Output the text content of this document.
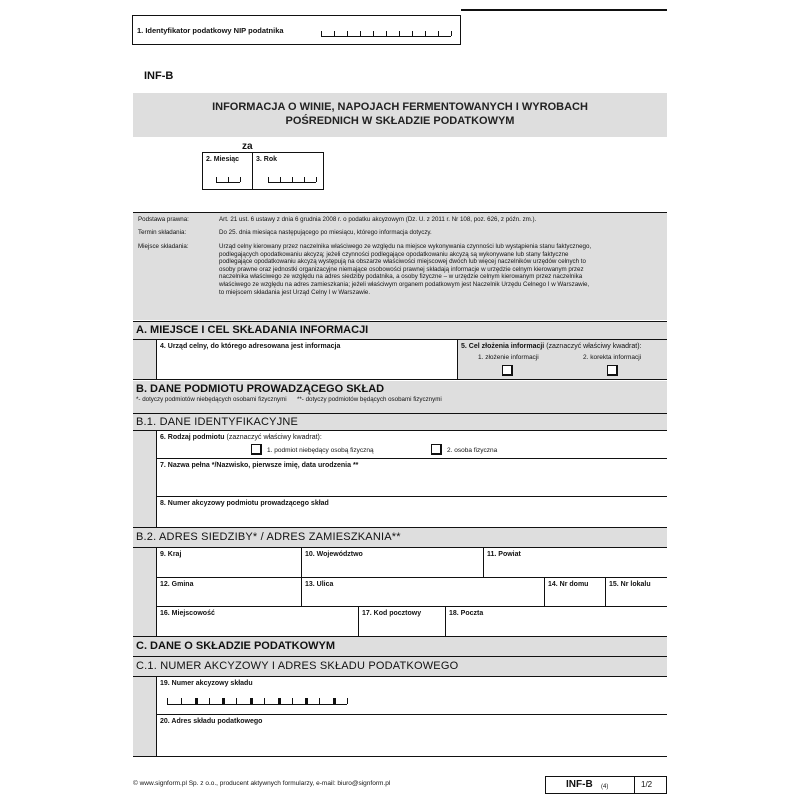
1. Identyfikator podatkowy NIP podatnika
INF-B
INFORMACJA O WINIE, NAPOJACH FERMENTOWANYCH I WYROBACH
POŚREDNICH W SKŁADZIE PODATKOWYM
za
2. Miesiąc 3. Rok
Podstawa prawna:	Art. 21 ust. 6 ustawy z dnia 6 grudnia 2008 r. o podatku akcyzowym (Dz. U. z 2011 r. Nr 108, poz. 626, z późn. zm.).
Termin składania:	Do 25. dnia miesiąca następującego po miesiącu, którego informacja dotyczy.
Miejsce składania:	Urząd celny kierowany przez naczelnika właściwego ze względu na miejsce wykonywania czynności lub wystąpienia stanu faktycznego,
podlegających opodatkowaniu akcyzą; jeżeli czynności podlegające opodatkowaniu akcyzą są wykonywane lub stany faktyczne
podlegające opodatkowaniu akcyzą występują na obszarze właściwości miejscowej dwóch lub więcej naczelników urzędów celnych to
osoby prawne oraz jednostki organizacyjne niemające osobowości prawnej składają informacje w urzędzie celnym kierowanym przez
naczelnika właściwego ze względu na adres siedziby podatnika, a osoby fizyczne – w urzędzie celnym kierowanym przez naczelnika
właściwego ze względu na adres zamieszkania; jeżeli właściwym organem podatkowym jest Naczelnik Urzędu Celnego I w Warszawie,
to miejscem składania jest Urząd Celny I w Warszawie.
A. MIEJSCE I CEL SKŁADANIA INFORMACJI
4. Urząd celny, do którego adresowana jest informacja	5. Cel złożenia informacji (zaznaczyć właściwy kwadrat):
1. złożenie informacji	2. korekta informacji
B. DANE PODMIOTU PROWADZĄCEGO SKŁAD
*- dotyczy podmiotów niebędących osobami fizycznymi **- dotyczy podmiotów będących osobami fizycznymi
B.1. DANE IDENTYFIKACYJNE
6. Rodzaj podmiotu (zaznaczyć właściwy kwadrat):
1. podmiot niebędący osobą fizyczną	2. osoba fizyczna
7. Nazwa pełna */Nazwisko, pierwsze imię, data urodzenia **
8. Numer akcyzowy podmiotu prowadzącego skład
B.2. ADRES SIEDZIBY* / ADRES ZAMIESZKANIA**
9. Kraj	10. Województwo	11. Powiat
12. Gmina	13. Ulica	14. Nr domu	15. Nr lokalu
16. Miejscowość	17. Kod pocztowy	18. Poczta
C. DANE O SKŁADZIE PODATKOWYM
C.1. NUMER AKCYZOWY I ADRES SKŁADU PODATKOWEGO
19. Numer akcyzowy składu
20. Adres składu podatkowego
© www.signform.pl Sp. z o.o., producent aktywnych formularzy, e-mail: biuro@signform.pl	INF-B (4)	1/2
